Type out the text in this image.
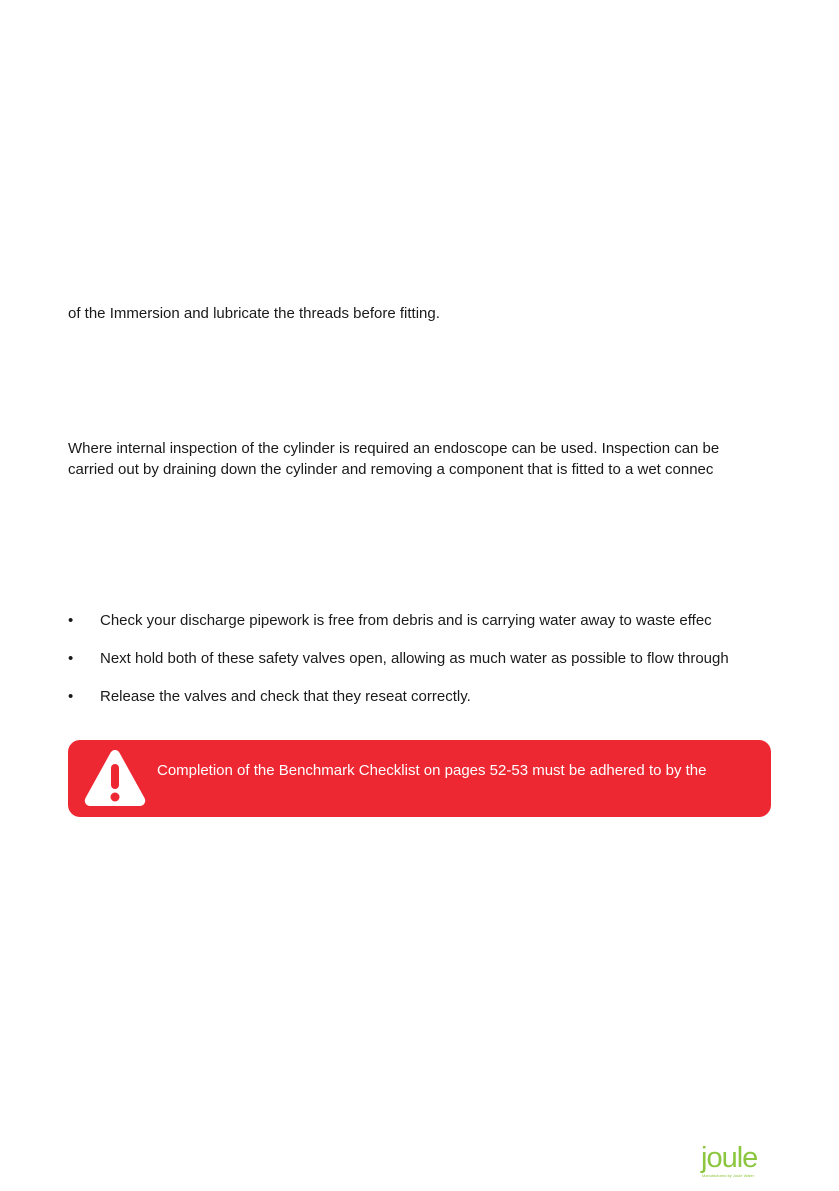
of the Immersion and lubricate the threads before fitting.
Where internal inspection of the cylinder is required an endoscope can be used. Inspection can be
carried out by draining down the cylinder and removing a component that is fitted to a wet connec
• Check your discharge pipework is free from debris and is carrying water away to waste effec
• Next hold both of these safety valves open, allowing as much water as possible to flow through
• Release the valves and check that they reseat correctly.
Completion of the Benchmark Checklist on pages 52-53 must be adhered to by the
joule
Manufactured by Joule Water
